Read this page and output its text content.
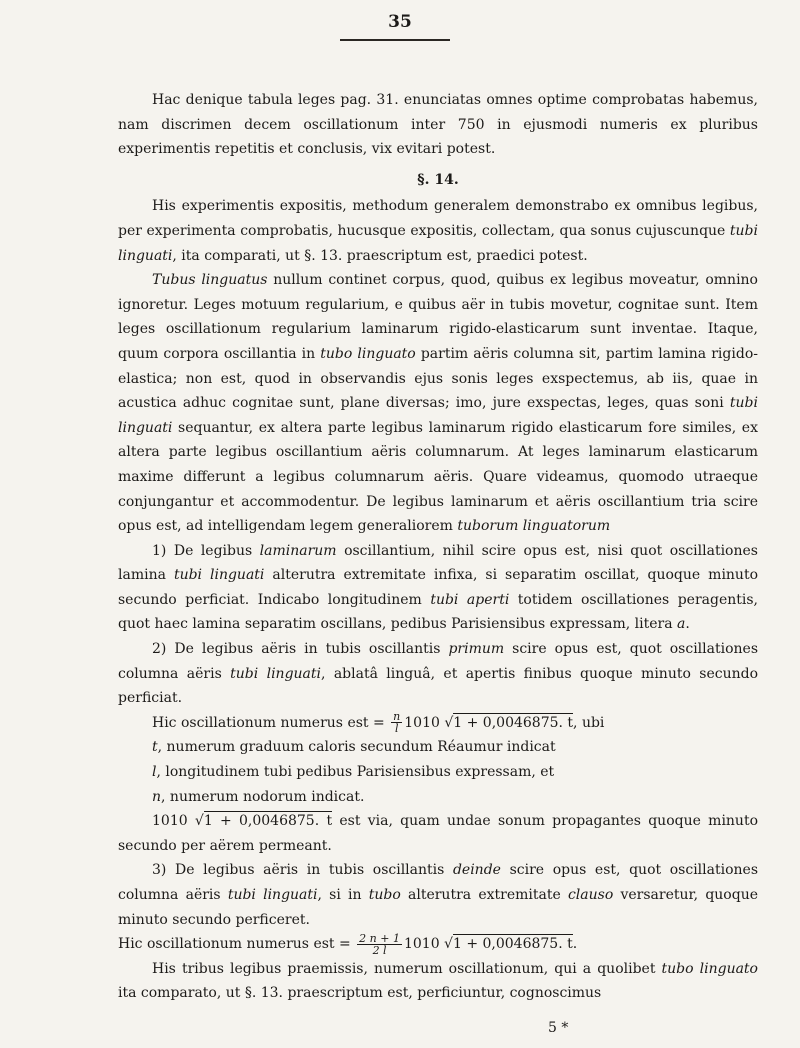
35

Hac denique tabula leges pag. 31. enunciatas omnes optime comprobatas habemus, nam discrimen decem oscillationum inter 750 in ejusmodi numeris ex pluribus experimentis repetitis et conclusis, vix evitari potest.

§. 14.

His experimentis expositis, methodum generalem demonstrabo ex omnibus legibus, per experimenta comprobatis, hucusque expositis, collectam, qua sonus cujuscunque tubi linguati, ita comparati, ut §. 13. praescriptum est, praedici potest.

Tubus linguatus nullum continet corpus, quod, quibus ex legibus moveatur, omnino ignoretur. Leges motuum regularium, e quibus aër in tubis movetur, cognitae sunt. Item leges oscillationum regularium laminarum rigido-elasticarum sunt inventae. Itaque, quum corpora oscillantia in tubo linguato partim aëris columna sit, partim lamina rigido-elastica; non est, quod in observandis ejus sonis leges exspectemus, ab iis, quae in acustica adhuc cognitae sunt, plane diversas; imo, jure exspectas, leges, quas soni tubi linguati sequantur, ex altera parte legibus laminarum rigido elasticarum fore similes, ex altera parte legibus oscillantium aëris columnarum. At leges laminarum elasticarum maxime differunt a legibus columnarum aëris. Quare videamus, quomodo utraeque conjungantur et accommodentur. De legibus laminarum et aëris oscillantium tria scire opus est, ad intelligendam legem generaliorem tuborum linguatorum

1) De legibus laminarum oscillantium, nihil scire opus est, nisi quot oscillationes lamina tubi linguati alterutra extremitate infixa, si separatim oscillat, quoque minuto secundo perficiat. Indicabo longitudinem tubi aperti totidem oscillationes peragentis, quot haec lamina separatim oscillans, pedibus Parisiensibus expressam, litera a.

2) De legibus aëris in tubis oscillantis primum scire opus est, quot oscillationes columna aëris tubi linguati, ablatâ linguâ, et apertis finibus quoque minuto secundo perficiat.

Hic oscillationum numerus est = $\frac{n}{l} 1010$ √1 + 0,0046875. t, ubi

t, numerum graduum caloris secundum Réaumur indicat

l, longitudinem tubi pedibus Parisiensibus expressam, et

n, numerum nodorum indicat.

1010 √1 + 0,0046875. t est via, quam undae sonum propagantes quoque minuto secundo per aërem permeant.

3) De legibus aëris in tubis oscillantis deinde scire opus est, quot oscillationes columna aëris tubi linguati, si in tubo alterutra extremitate clauso versaretur, quoque minuto secundo perficeret.

Hic oscillationum numerus est = $\frac{2 n + 1}{2 l} 1010$ √1 + 0,0046875. t.

His tribus legibus praemissis, numerum oscillationum, qui a quolibet tubo linguato ita comparato, ut §. 13. praescriptum est, perficiuntur, cognoscimus

5 *
